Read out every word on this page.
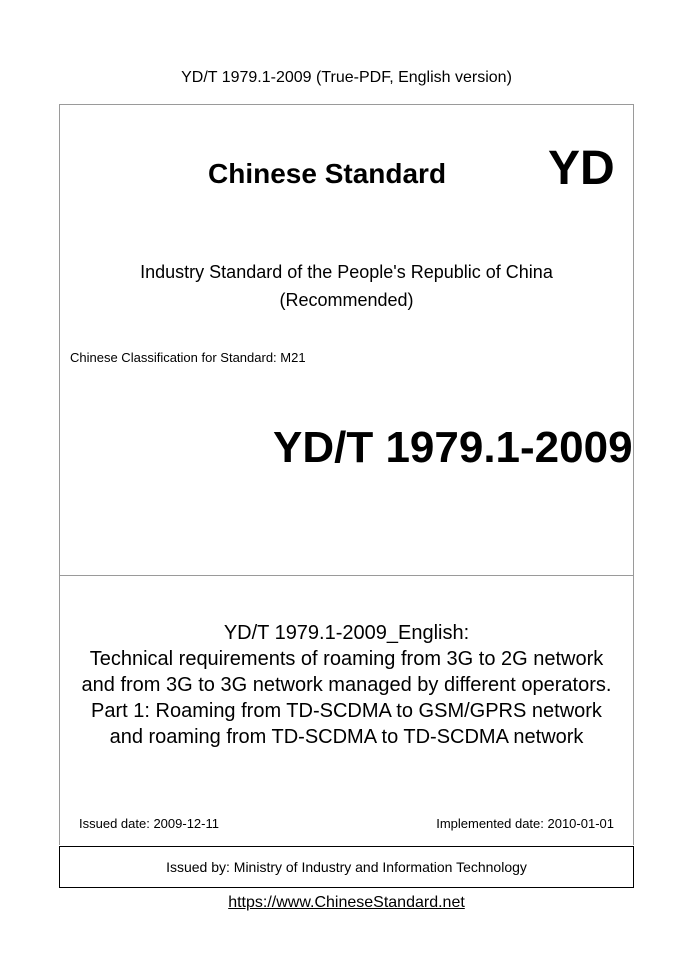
YD/T 1979.1-2009 (True-PDF, English version)
Chinese Standard YD
Industry Standard of the People's Republic of China
(Recommended)
Chinese Classification for Standard: M21
YD/T 1979.1-2009
YD/T 1979.1-2009_English:
Technical requirements of roaming from 3G to 2G network
and from 3G to 3G network managed by different operators.
Part 1: Roaming from TD-SCDMA to GSM/GPRS network
and roaming from TD-SCDMA to TD-SCDMA network
Issued date: 2009-12-11	Implemented date: 2010-01-01
Issued by: Ministry of Industry and Information Technology
https://www.ChineseStandard.net
